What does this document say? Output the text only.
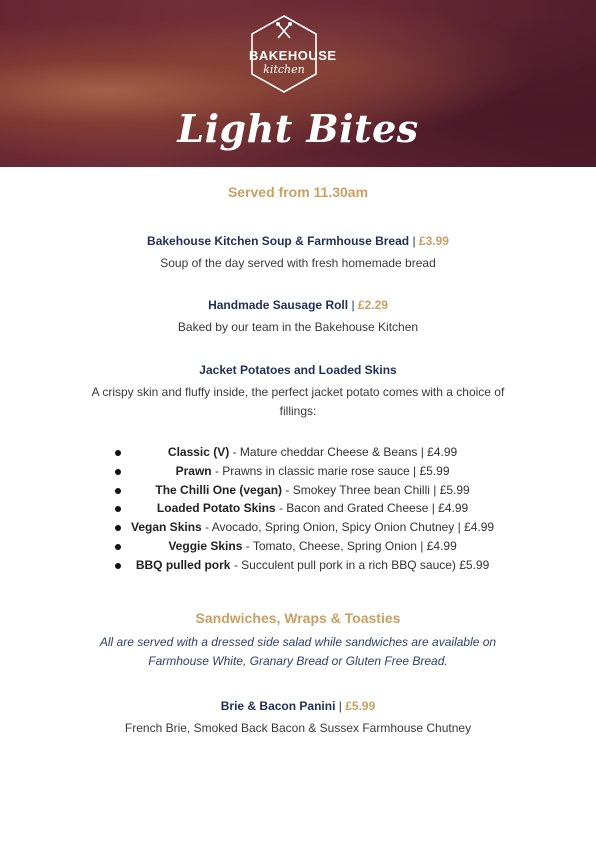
BAKEHOUSE
kitchen
Light Bites
Served from 11.30am
Bakehouse Kitchen Soup & Farmhouse Bread | £3.99
Soup of the day served with fresh homemade bread
Handmade Sausage Roll | £2.29
Baked by our team in the Bakehouse Kitchen
Jacket Potatoes and Loaded Skins
A crispy skin and fluffy inside, the perfect jacket potato comes with a choice of
fillings:
Classic (V) - Mature cheddar Cheese & Beans | £4.99
Prawn - Prawns in classic marie rose sauce | £5.99
The Chilli One (vegan) - Smokey Three bean Chilli | £5.99
Loaded Potato Skins - Bacon and Grated Cheese | £4.99
Vegan Skins - Avocado, Spring Onion, Spicy Onion Chutney | £4.99
Veggie Skins - Tomato, Cheese, Spring Onion | £4.99
BBQ pulled pork - Succulent pull pork in a rich BBQ sauce) £5.99
Sandwiches, Wraps & Toasties
All are served with a dressed side salad while sandwiches are available on
Farmhouse White, Granary Bread or Gluten Free Bread.
Brie & Bacon Panini | £5.99
French Brie, Smoked Back Bacon & Sussex Farmhouse Chutney
